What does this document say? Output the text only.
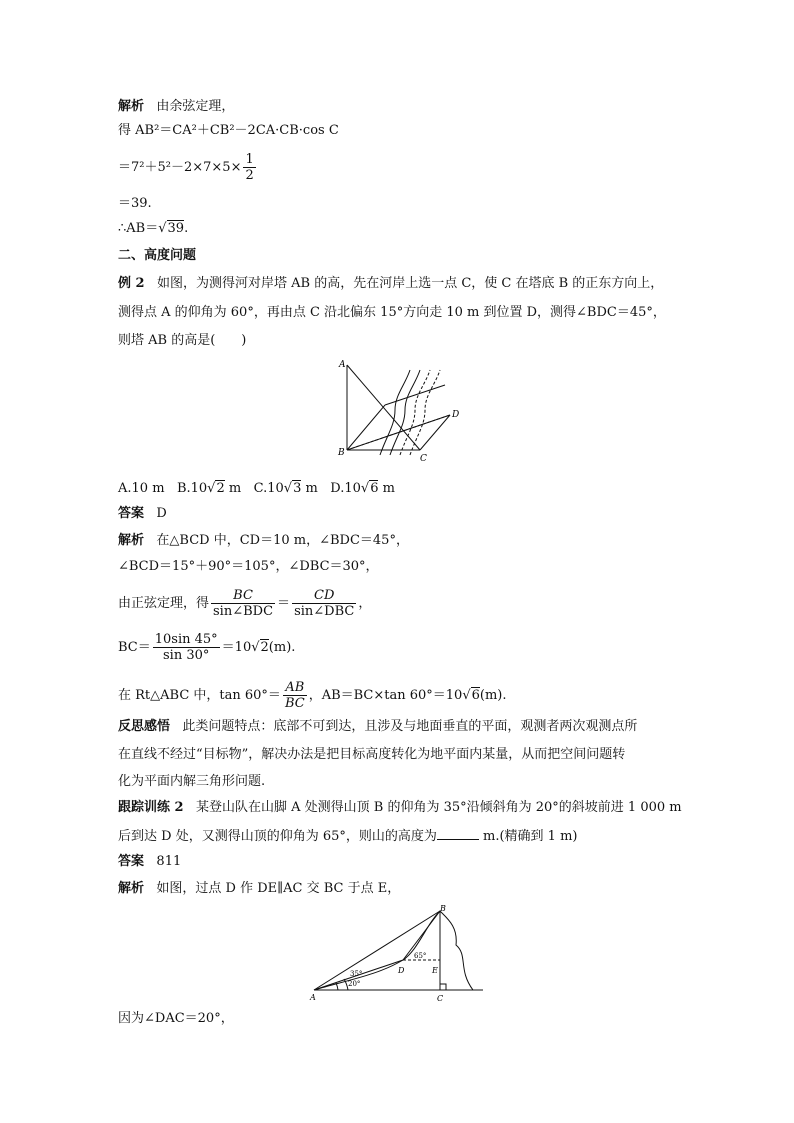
解析 由余弦定理，
得 AB²＝CA²＋CB²－2CA·CB·cos C
$=7^2+5^2-2\times 7\times 5\times \frac{1}{2}$
＝39.
∴AB＝√39.
二、高度问题
例 2 如图，为测得河对岸塔 AB 的高，先在河岸上选一点 C，使 C 在塔底 B 的正东方向上，
测得点 A 的仰角为 60°，再由点 C 沿北偏东 15°方向走 10 m 到位置 D，测得∠BDC＝45°，
则塔 AB 的高是(　　)
A
B
C
D
A.10 m B.10√2 m C.10√3 m D.10√6 m
答案 D
解析 在△BCD 中，CD＝10 m，∠BDC＝45°，
∠BCD＝15°＋90°＝105°，∠DBC＝30°，
由正弦定理，得 $\frac{BC}{\text{sin∠BDC}} = \frac{CD}{\text{sin∠DBC}}$ ，
$BC= \frac{10\sin 45^\circ}{\sin 30^\circ} =10√2(m)$.
在 Rt△ABC 中，$\tan 60^\circ= \frac{AB}{BC}$ ，AB＝BC×tan 60°＝10√6(m).
反思感悟 此类问题特点：底部不可到达，且涉及与地面垂直的平面，观测者两次观测点所
在直线不经过“目标物”，解决办法是把目标高度转化为地平面内某量，从而把空间问题转
化为平面内解三角形问题.
跟踪训练 2 某登山队在山脚 A 处测得山顶 B 的仰角为 35°沿倾斜角为 20°的斜坡前进 1 000 m
后到达 D 处，又测得山顶的仰角为 65°，则山的高度为	m.(精确到 1 m)
答案 811
解析 如图，过点 D 作 DE∥AC 交 BC 于点 E，
A
B
C
D	E
35°
20°
65°
因为∠DAC＝20°，
